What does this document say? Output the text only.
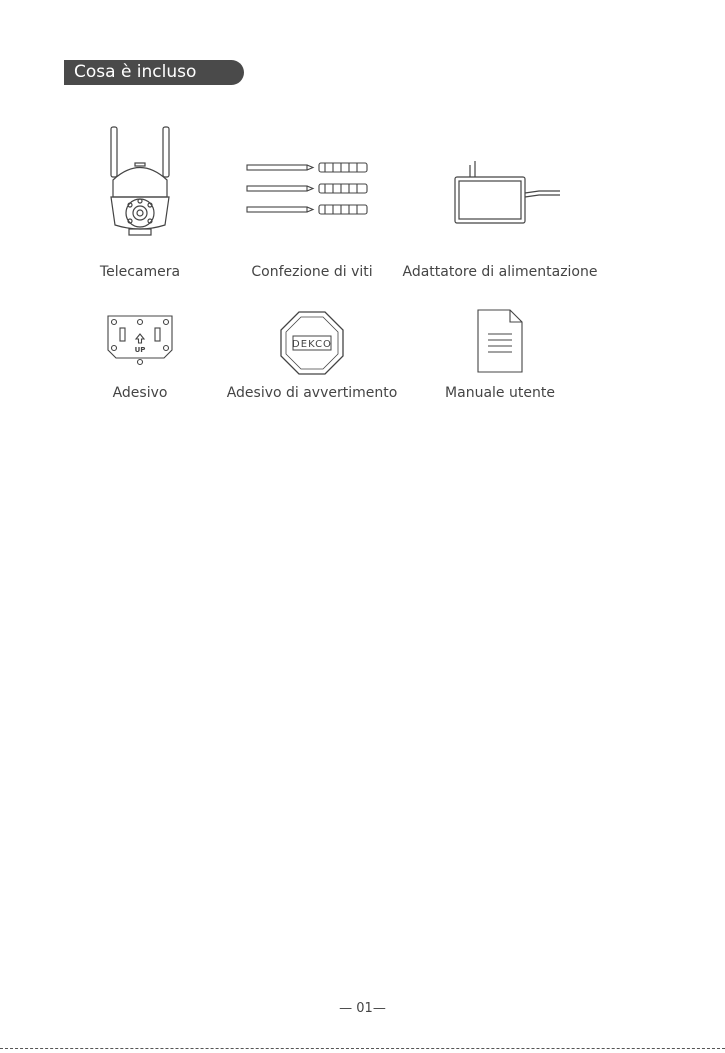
Cosa è incluso
Telecamera	Confezione di viti	Adattatore di alimentazione
UP
Adesivo
DEKCO
Adesivo di avvertimento	Manuale utente
— 01—
